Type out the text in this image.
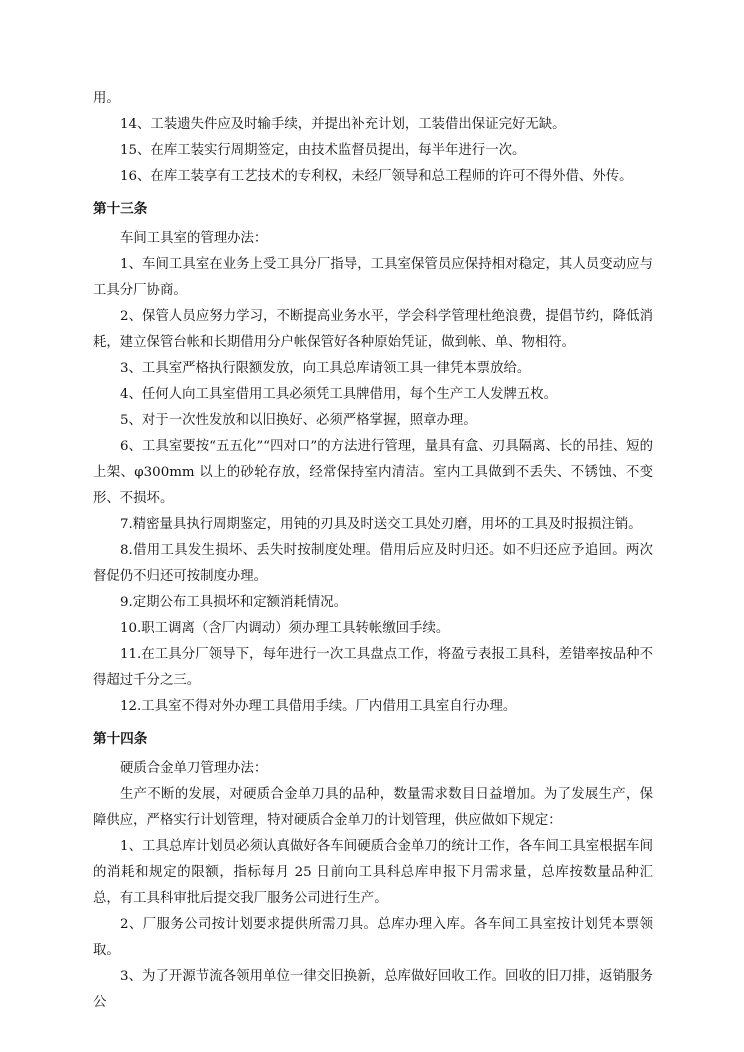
用。

14、工装遗失件应及时输手续，并提出补充计划，工装借出保证完好无缺。

15、在库工装实行周期签定，由技术监督员提出，每半年进行一次。

16、在库工装享有工艺技术的专利权，未经厂领导和总工程师的许可不得外借、外传。

第十三条

车间工具室的管理办法：

1、车间工具室在业务上受工具分厂指导，工具室保管员应保持相对稳定，其人员变动应与工具分厂协商。

2、保管人员应努力学习，不断提高业务水平，学会科学管理杜绝浪费，提倡节约，降低消耗，建立保管台帐和长期借用分户帐保管好各种原始凭证，做到帐、单、物相符。

3、工具室严格执行限额发放，向工具总库请领工具一律凭本票放给。

4、任何人向工具室借用工具必须凭工具牌借用，每个生产工人发牌五枚。

5、对于一次性发放和以旧换好、必须严格掌握，照章办理。

6、工具室要按“五五化”“四对口”的方法进行管理，量具有盒、刃具隔离、长的吊挂、短的上架、φ300mm 以上的砂轮存放，经常保持室内清洁。室内工具做到不丢失、不锈蚀、不变形、不损坏。

7.精密量具执行周期鉴定，用钝的刃具及时送交工具处刃磨，用坏的工具及时报损注销。

8.借用工具发生损坏、丢失时按制度处理。借用后应及时归还。如不归还应予追回。两次督促仍不归还可按制度办理。

9.定期公布工具损坏和定额消耗情况。

10.职工调离（含厂内调动）须办理工具转帐缴回手续。

11.在工具分厂领导下，每年进行一次工具盘点工作，将盈亏表报工具科，差错率按品种不得超过千分之三。

12.工具室不得对外办理工具借用手续。厂内借用工具室自行办理。

第十四条

硬质合金单刀管理办法：

生产不断的发展，对硬质合金单刀具的品种，数量需求数目日益增加。为了发展生产，保障供应，严格实行计划管理，特对硬质合金单刀的计划管理，供应做如下规定：

1、工具总库计划员必须认真做好各车间硬质合金单刀的统计工作，各车间工具室根据车间的消耗和规定的限额，指标每月 25 日前向工具科总库申报下月需求量，总库按数量品种汇总，有工具科审批后提交我厂服务公司进行生产。

2、厂服务公司按计划要求提供所需刀具。总库办理入库。各车间工具室按计划凭本票领取。

3、为了开源节流各领用单位一律交旧换新，总库做好回收工作。回收的旧刀排，返销服务公
